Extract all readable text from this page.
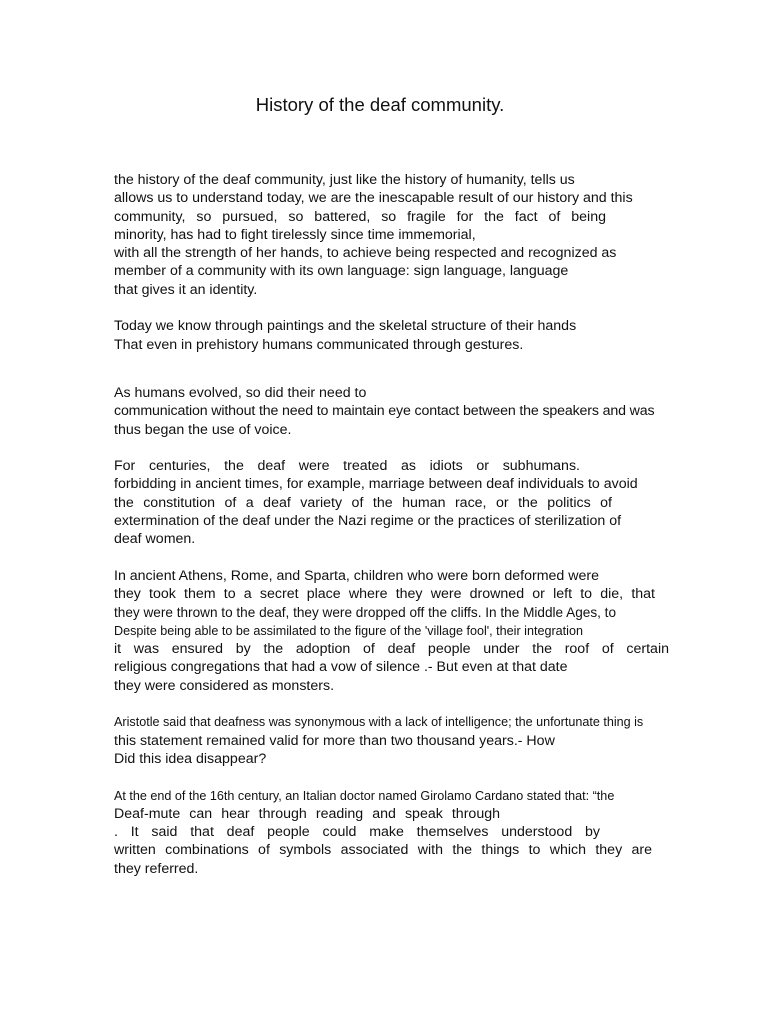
History of the deaf community.

the history of the deaf community, just like the history of humanity, tells us
allows us to understand today, we are the inescapable result of our history and this
community, so pursued, so battered, so fragile for the fact of being
minority, has had to fight tirelessly since time immemorial,
with all the strength of her hands, to achieve being respected and recognized as
member of a community with its own language: sign language, language
that gives it an identity.

Today we know through paintings and the skeletal structure of their hands
That even in prehistory humans communicated through gestures.

As humans evolved, so did their need to
communication without the need to maintain eye contact between the speakers and was
thus began the use of voice.

For centuries, the deaf were treated as idiots or subhumans.
forbidding in ancient times, for example, marriage between deaf individuals to avoid
the constitution of a deaf variety of the human race, or the politics of
extermination of the deaf under the Nazi regime or the practices of sterilization of
deaf women.

In ancient Athens, Rome, and Sparta, children who were born deformed were
they took them to a secret place where they were drowned or left to die, that
they were thrown to the deaf, they were dropped off the cliffs. In the Middle Ages, to
Despite being able to be assimilated to the figure of the 'village fool', their integration
it was ensured by the adoption of deaf people under the roof of certain
religious congregations that had a vow of silence .- But even at that date
they were considered as monsters.

Aristotle said that deafness was synonymous with a lack of intelligence; the unfortunate thing is
this statement remained valid for more than two thousand years.- How
Did this idea disappear?

At the end of the 16th century, an Italian doctor named Girolamo Cardano stated that: “the
Deaf-mute can hear through reading and speak through
. It said that deaf people could make themselves understood by
written combinations of symbols associated with the things to which they are
they referred.
